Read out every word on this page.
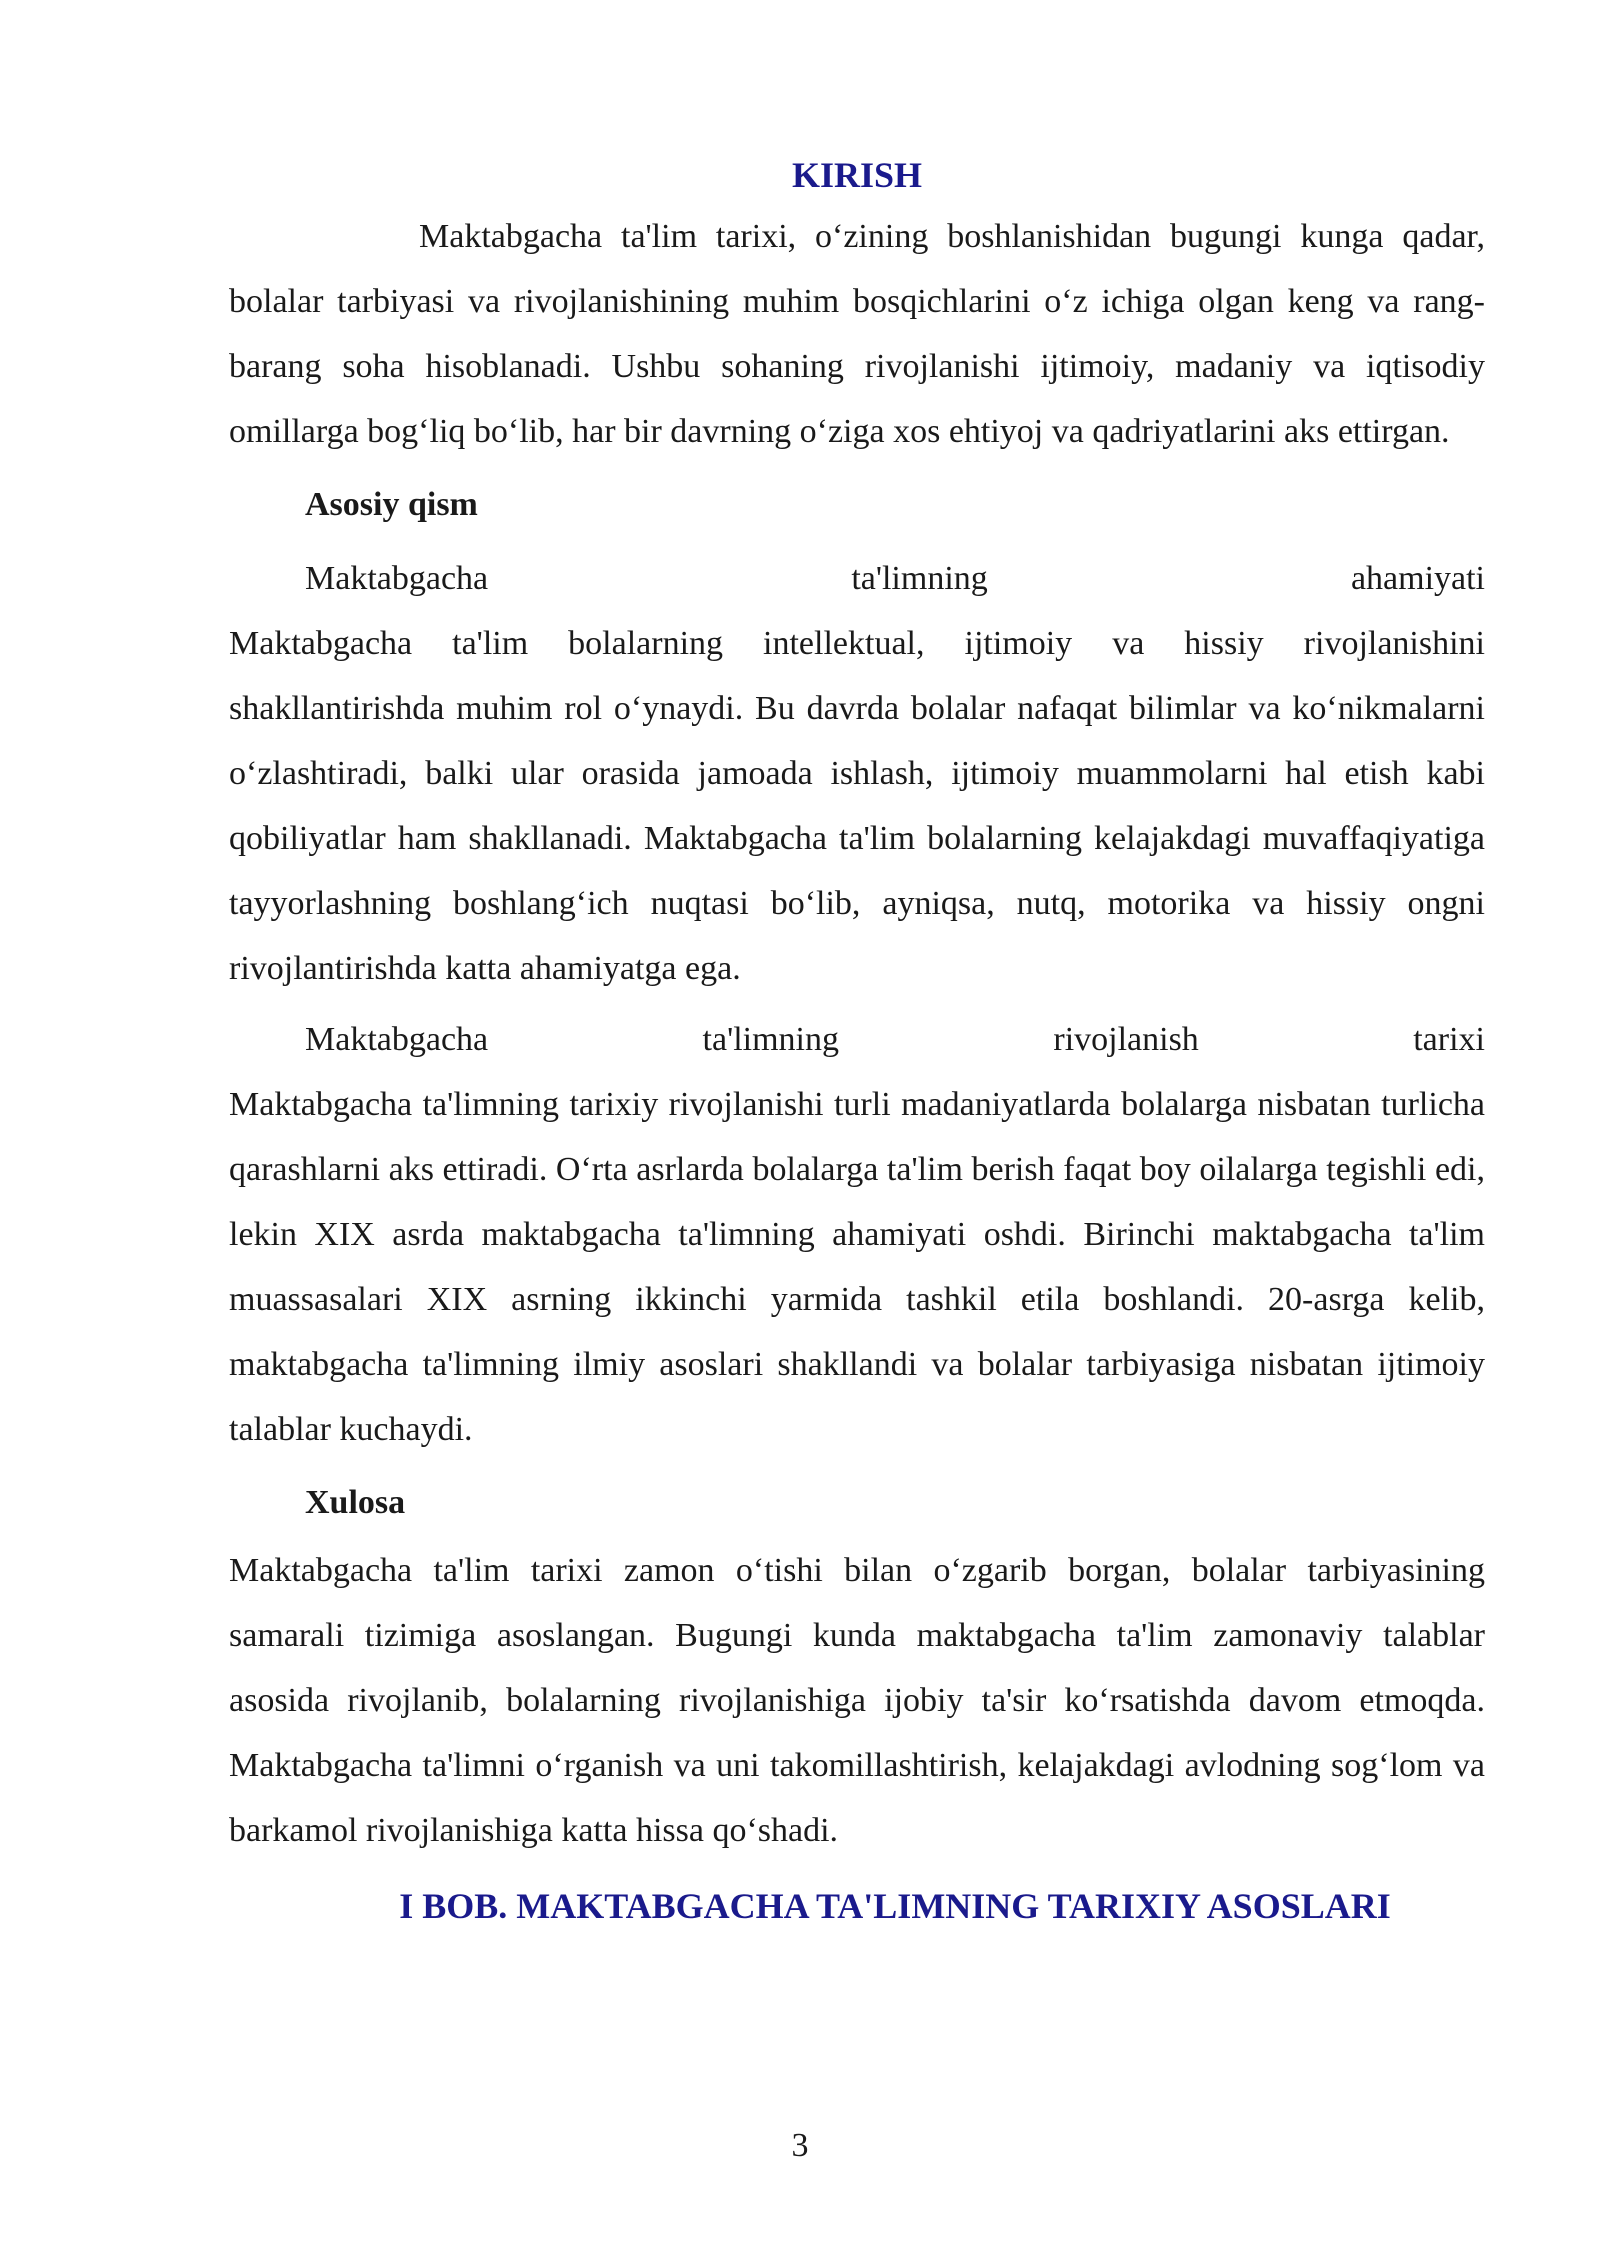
KIRISH

Maktabgacha ta'lim tarixi, o‘zining boshlanishidan bugungi kunga qadar, bolalar tarbiyasi va rivojlanishining muhim bosqichlarini o‘z ichiga olgan keng va rang-barang soha hisoblanadi. Ushbu sohaning rivojlanishi ijtimoiy, madaniy va iqtisodiy omillarga bog‘liq bo‘lib, har bir davrning o‘ziga xos ehtiyoj va qadriyatlarini aks ettirgan.

Asosiy qism
Maktabgacha	ta'limning	ahamiyati

Maktabgacha ta'lim bolalarning intellektual, ijtimoiy va hissiy rivojlanishini shakllantirishda muhim rol o‘ynaydi. Bu davrda bolalar nafaqat bilimlar va ko‘nikmalarni o‘zlashtiradi, balki ular orasida jamoada ishlash, ijtimoiy muammolarni hal etish kabi qobiliyatlar ham shakllanadi. Maktabgacha ta'lim bolalarning kelajakdagi muvaffaqiyatiga tayyorlashning boshlang‘ich nuqtasi bo‘lib, ayniqsa, nutq, motorika va hissiy ongni rivojlantirishda katta ahamiyatga ega.

Maktabgacha	ta'limning	rivojlanish	tarixi

Maktabgacha ta'limning tarixiy rivojlanishi turli madaniyatlarda bolalarga nisbatan turlicha qarashlarni aks ettiradi. O‘rta asrlarda bolalarga ta'lim berish faqat boy oilalarga tegishli edi, lekin XIX asrda maktabgacha ta'limning ahamiyati oshdi. Birinchi maktabgacha ta'lim muassasalari XIX asrning ikkinchi yarmida tashkil etila boshlandi. 20-asrga kelib, maktabgacha ta'limning ilmiy asoslari shakllandi va bolalar tarbiyasiga nisbatan ijtimoiy talablar kuchaydi.

Xulosa

Maktabgacha ta'lim tarixi zamon o‘tishi bilan o‘zgarib borgan, bolalar tarbiyasining samarali tizimiga asoslangan. Bugungi kunda maktabgacha ta'lim zamonaviy talablar asosida rivojlanib, bolalarning rivojlanishiga ijobiy ta'sir ko‘rsatishda davom etmoqda. Maktabgacha ta'limni o‘rganish va uni takomillashtirish, kelajakdagi avlodning sog‘lom va barkamol rivojlanishiga katta hissa qo‘shadi.

I BOB. MAKTABGACHA TA'LIMNING TARIXIY ASOSLARI
3
